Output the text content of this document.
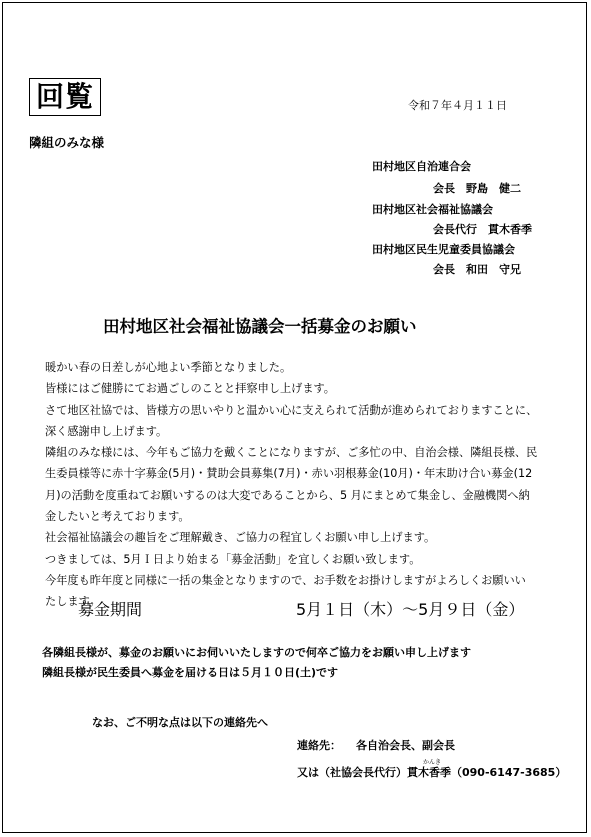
回覧	令和７年４月１１日
隣組のみな様
田村地区自治連合会
会長　野島　健二
田村地区社会福祉協議会
会長代行　貫木香季
田村地区民生児童委員協議会
会長　和田　守兄
田村地区社会福祉協議会一括募金のお願い

暖かい春の日差しが心地よい季節となりました。

皆様にはご健勝にてお過ごしのことと拝察申し上げます。

さて地区社協では、皆様方の思いやりと温かい心に支えられて活動が進められておりますことに、

深く感謝申し上げます。

隣組のみな様には、今年もご協力を戴くことになりますが、ご多忙の中、自治会様、隣組長様、民

生委員様等に赤十字募金(5月)・賛助会員募集(7月)・赤い羽根募金(10月)・年末助け合い募金(12

月)の活動を度重ねてお願いするのは大変であることから、5 月にまとめて集金し、金融機関へ納

金したいと考えております。

社会福祉協議会の趣旨をご理解戴き、ご協力の程宜しくお願い申し上げます。

つきましては、5月Ｉ日より始まる「募金活動」を宜しくお願い致します。

今年度も昨年度と同様に一括の集金となりますので、お手数をお掛けしますがよろしくお願いい

たします。

募金期間	5月１日（木）～5月９日（金）
各隣組長様が、募金のお願いにお伺いいたしますので何卒ご協力をお願い申し上げます
隣組長様が民生委員へ募金を届ける日は５月１０日(土)です
なお、ご不明な点は以下の連絡先へ
連絡先： 各自治会長、副会長
かんき
又は（社協会長代行）貫木香季（090-6147-3685）
